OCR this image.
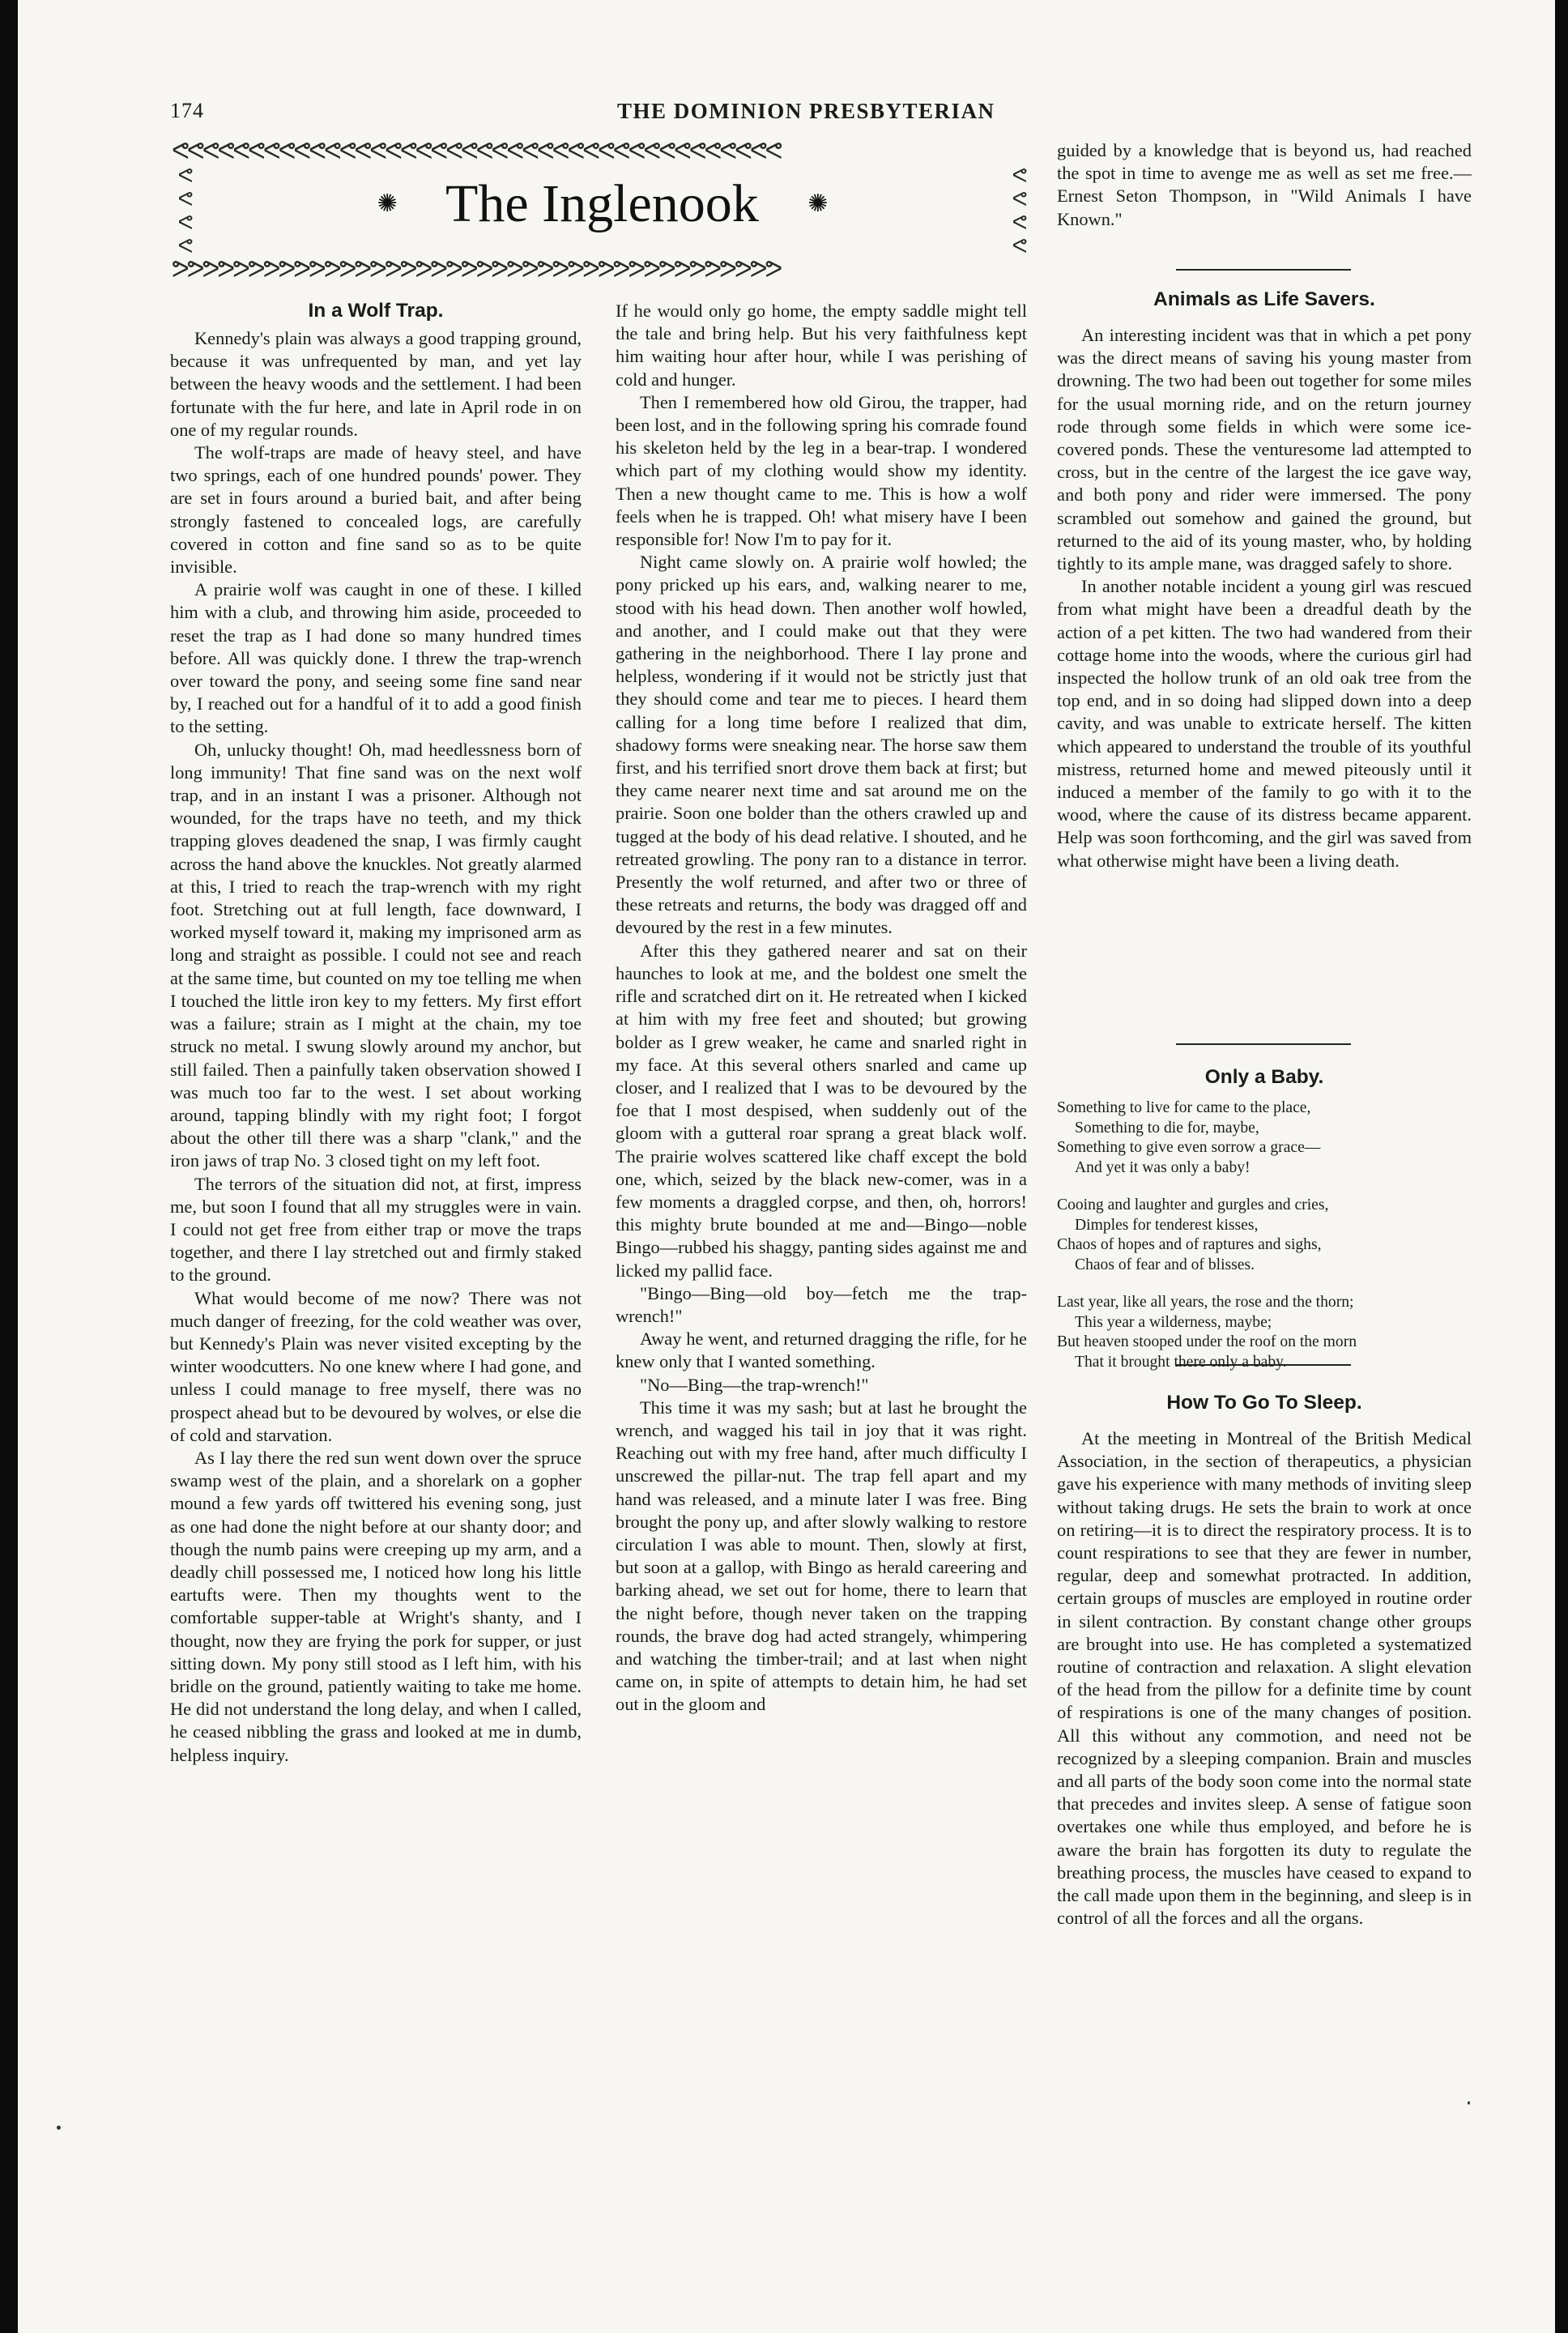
174	THE DOMINION PRESBYTERIAN
ᕙᕙᕙᕙᕙᕙᕙᕙᕙᕙᕙᕙᕙᕙᕙᕙᕙᕙᕙᕙᕙᕙᕙᕙᕙᕙᕙᕙᕙᕙᕙᕙᕙᕙᕙᕙᕙᕙᕙᕙ
ᕙ ᕙ ᕙ ᕙ
ᕙ ᕙ ᕙ ᕙ
✺ The Inglenook ✺
ᕗᕗᕗᕗᕗᕗᕗᕗᕗᕗᕗᕗᕗᕗᕗᕗᕗᕗᕗᕗᕗᕗᕗᕗᕗᕗᕗᕗᕗᕗᕗᕗᕗᕗᕗᕗᕗᕗᕗᕗ
In a Wolf Trap.

Kennedy's plain was always a good trapping ground, because it was unfrequented by man, and yet lay between the heavy woods and the settlement. I had been fortunate with the fur here, and late in April rode in on one of my regular rounds.

The wolf-traps are made of heavy steel, and have two springs, each of one hundred pounds' power. They are set in fours around a buried bait, and after being strongly fastened to concealed logs, are carefully covered in cotton and fine sand so as to be quite invisible.

A prairie wolf was caught in one of these. I killed him with a club, and throwing him aside, proceeded to reset the trap as I had done so many hundred times before. All was quickly done. I threw the trap-wrench over toward the pony, and seeing some fine sand near by, I reached out for a handful of it to add a good finish to the setting.

Oh, unlucky thought! Oh, mad heedlessness born of long immunity! That fine sand was on the next wolf trap, and in an instant I was a prisoner. Although not wounded, for the traps have no teeth, and my thick trapping gloves deadened the snap, I was firmly caught across the hand above the knuckles. Not greatly alarmed at this, I tried to reach the trap-wrench with my right foot. Stretching out at full length, face downward, I worked myself toward it, making my imprisoned arm as long and straight as possible. I could not see and reach at the same time, but counted on my toe telling me when I touched the little iron key to my fetters. My first effort was a failure; strain as I might at the chain, my toe struck no metal. I swung slowly around my anchor, but still failed. Then a painfully taken observation showed I was much too far to the west. I set about working around, tapping blindly with my right foot; I forgot about the other till there was a sharp "clank," and the iron jaws of trap No. 3 closed tight on my left foot.

The terrors of the situation did not, at first, impress me, but soon I found that all my struggles were in vain. I could not get free from either trap or move the traps together, and there I lay stretched out and firmly staked to the ground.

What would become of me now? There was not much danger of freezing, for the cold weather was over, but Kennedy's Plain was never visited excepting by the winter woodcutters. No one knew where I had gone, and unless I could manage to free myself, there was no prospect ahead but to be devoured by wolves, or else die of cold and starvation.

As I lay there the red sun went down over the spruce swamp west of the plain, and a shorelark on a gopher mound a few yards off twittered his evening song, just as one had done the night before at our shanty door; and though the numb pains were creeping up my arm, and a deadly chill possessed me, I noticed how long his little eartufts were. Then my thoughts went to the comfortable supper-table at Wright's shanty, and I thought, now they are frying the pork for supper, or just sitting down. My pony still stood as I left him, with his bridle on the ground, patiently waiting to take me home. He did not understand the long delay, and when I called, he ceased nibbling the grass and looked at me in dumb, helpless inquiry.

If he would only go home, the empty saddle might tell the tale and bring help. But his very faithfulness kept him waiting hour after hour, while I was perishing of cold and hunger.

Then I remembered how old Girou, the trapper, had been lost, and in the following spring his comrade found his skeleton held by the leg in a bear-trap. I wondered which part of my clothing would show my identity. Then a new thought came to me. This is how a wolf feels when he is trapped. Oh! what misery have I been responsible for! Now I'm to pay for it.

Night came slowly on. A prairie wolf howled; the pony pricked up his ears, and, walking nearer to me, stood with his head down. Then another wolf howled, and another, and I could make out that they were gathering in the neighborhood. There I lay prone and helpless, wondering if it would not be strictly just that they should come and tear me to pieces. I heard them calling for a long time before I realized that dim, shadowy forms were sneaking near. The horse saw them first, and his terrified snort drove them back at first; but they came nearer next time and sat around me on the prairie. Soon one bolder than the others crawled up and tugged at the body of his dead relative. I shouted, and he retreated growling. The pony ran to a distance in terror. Presently the wolf returned, and after two or three of these retreats and returns, the body was dragged off and devoured by the rest in a few minutes.

After this they gathered nearer and sat on their haunches to look at me, and the boldest one smelt the rifle and scratched dirt on it. He retreated when I kicked at him with my free feet and shouted; but growing bolder as I grew weaker, he came and snarled right in my face. At this several others snarled and came up closer, and I realized that I was to be devoured by the foe that I most despised, when suddenly out of the gloom with a gutteral roar sprang a great black wolf. The prairie wolves scattered like chaff except the bold one, which, seized by the black new-comer, was in a few moments a draggled corpse, and then, oh, horrors! this mighty brute bounded at me and—Bingo—noble Bingo—rubbed his shaggy, panting sides against me and licked my pallid face.

"Bingo—Bing—old boy—fetch me the trap-wrench!"

Away he went, and returned dragging the rifle, for he knew only that I wanted something.

"No—Bing—the trap-wrench!"

This time it was my sash; but at last he brought the wrench, and wagged his tail in joy that it was right. Reaching out with my free hand, after much difficulty I unscrewed the pillar-nut. The trap fell apart and my hand was released, and a minute later I was free. Bing brought the pony up, and after slowly walking to restore circulation I was able to mount. Then, slowly at first, but soon at a gallop, with Bingo as herald careering and barking ahead, we set out for home, there to learn that the night before, though never taken on the trapping rounds, the brave dog had acted strangely, whimpering and watching the timber-trail; and at last when night came on, in spite of attempts to detain him, he had set out in the gloom and

guided by a knowledge that is beyond us, had reached the spot in time to avenge me as well as set me free.—Ernest Seton Thompson, in "Wild Animals I have Known."

Animals as Life Savers.

An interesting incident was that in which a pet pony was the direct means of saving his young master from drowning. The two had been out together for some miles for the usual morning ride, and on the return journey rode through some fields in which were some ice-covered ponds. These the venturesome lad attempted to cross, but in the centre of the largest the ice gave way, and both pony and rider were immersed. The pony scrambled out somehow and gained the ground, but returned to the aid of its young master, who, by holding tightly to its ample mane, was dragged safely to shore.

In another notable incident a young girl was rescued from what might have been a dreadful death by the action of a pet kitten. The two had wandered from their cottage home into the woods, where the curious girl had inspected the hollow trunk of an old oak tree from the top end, and in so doing had slipped down into a deep cavity, and was unable to extricate herself. The kitten which appeared to understand the trouble of its youthful mistress, returned home and mewed piteously until it induced a member of the family to go with it to the wood, where the cause of its distress became apparent. Help was soon forthcoming, and the girl was saved from what otherwise might have been a living death.

Only a Baby.
Something to live for came to the place,
Something to die for, maybe,
Something to give even sorrow a grace—
And yet it was only a baby!
Cooing and laughter and gurgles and cries,
Dimples for tenderest kisses,
Chaos of hopes and of raptures and sighs,
Chaos of fear and of blisses.
Last year, like all years, the rose and the thorn;
This year a wilderness, maybe;
But heaven stooped under the roof on the morn
That it brought there only a baby.
How To Go To Sleep.

At the meeting in Montreal of the British Medical Association, in the section of therapeutics, a physician gave his experience with many methods of inviting sleep without taking drugs. He sets the brain to work at once on retiring—it is to direct the respiratory process. It is to count respirations to see that they are fewer in number, regular, deep and somewhat protracted. In addition, certain groups of muscles are employed in routine order in silent contraction. By constant change other groups are brought into use. He has completed a systematized routine of contraction and relaxation. A slight elevation of the head from the pillow for a definite time by count of respirations is one of the many changes of position. All this without any commotion, and need not be recognized by a sleeping companion. Brain and muscles and all parts of the body soon come into the normal state that precedes and invites sleep. A sense of fatigue soon overtakes one while thus employed, and before he is aware the brain has forgotten its duty to regulate the breathing process, the muscles have ceased to expand to the call made upon them in the beginning, and sleep is in control of all the forces and all the organs.
